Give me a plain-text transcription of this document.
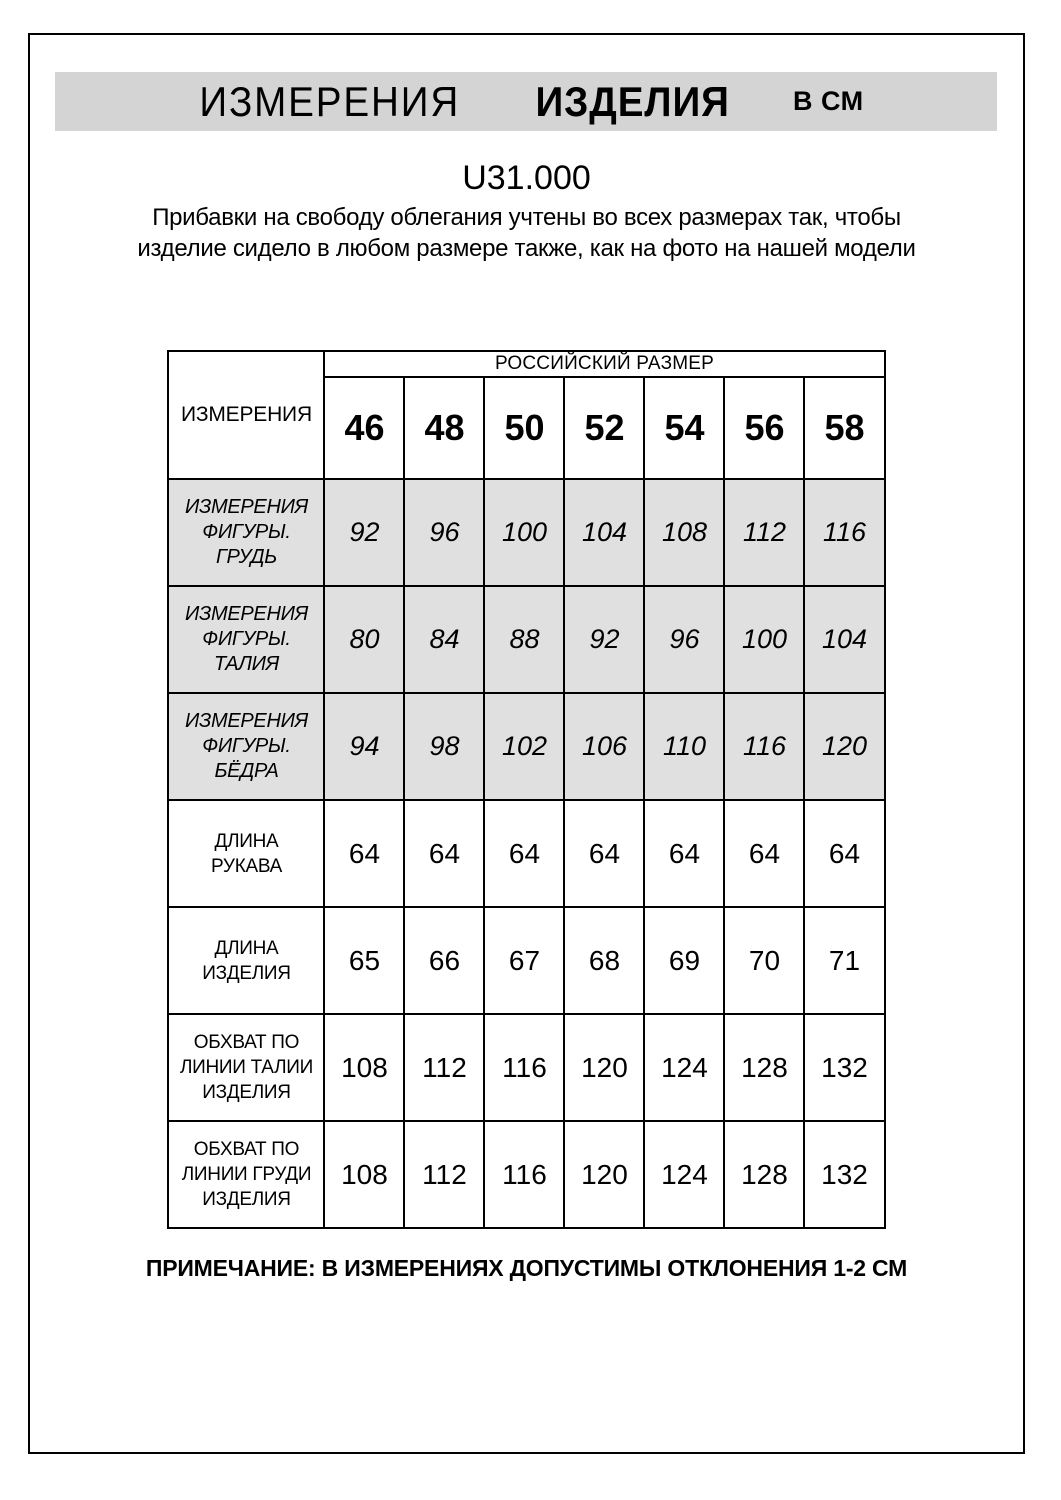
ИЗМЕРЕНИЯ ИЗДЕЛИЯ В СМ
U31.000
Прибавки на свободу облегания учтены во всех размерах так, чтобы изделие сидело в любом размере также, как на фото на нашей модели
ИЗМЕРЕНИЯ	РОССИЙСКИЙ РАЗМЕР						
	46	48	50	52	54	56	58
ИЗМЕРЕНИЯ ФИГУРЫ. ГРУДЬ	92	96	100	104	108	112	116
ИЗМЕРЕНИЯ ФИГУРЫ. ТАЛИЯ	80	84	88	92	96	100	104
ИЗМЕРЕНИЯ ФИГУРЫ. БЁДРА	94	98	102	106	110	116	120
ДЛИНА РУКАВА	64	64	64	64	64	64	64
ДЛИНА ИЗДЕЛИЯ	65	66	67	68	69	70	71
ОБХВАТ ПО ЛИНИИ ТАЛИИ ИЗДЕЛИЯ	108	112	116	120	124	128	132
ОБХВАТ ПО ЛИНИИ ГРУДИ ИЗДЕЛИЯ	108	112	116	120	124	128	132
ПРИМЕЧАНИЕ: В ИЗМЕРЕНИЯХ ДОПУСТИМЫ ОТКЛОНЕНИЯ 1-2 СМ
